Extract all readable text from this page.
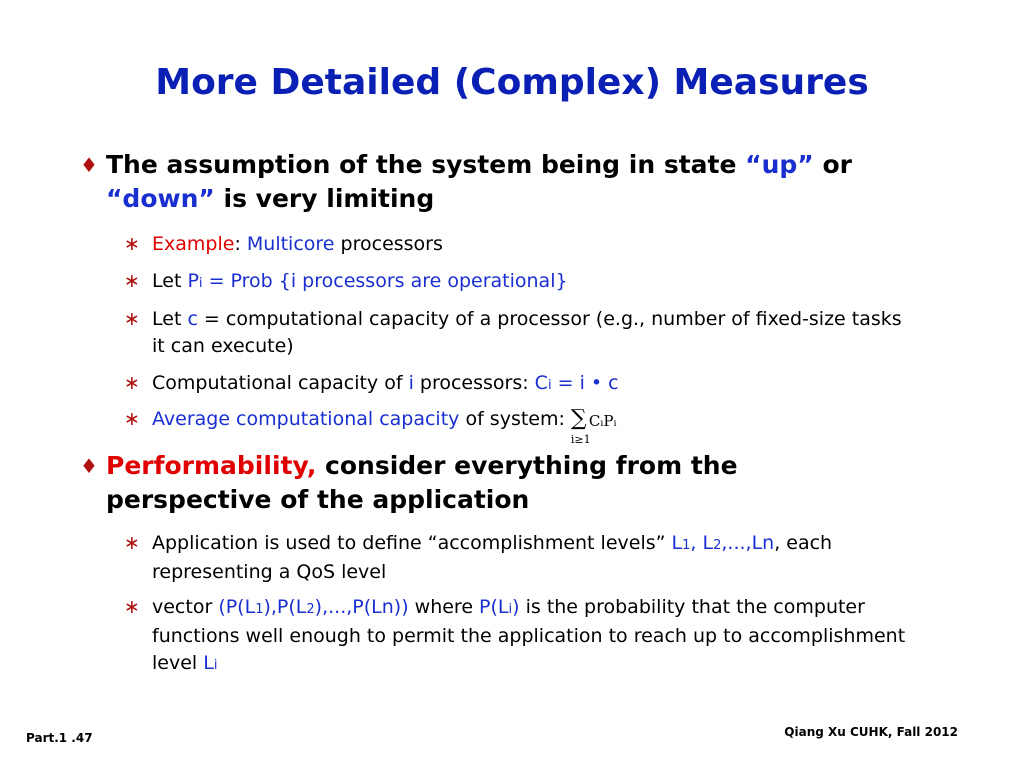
More Detailed (Complex) Measures
♦ The assumption of the system being in state “up” or “down” is very limiting
∗ Example: Multicore processors
∗ Let Pi = Prob {i processors are operational}
∗ Let c = computational capacity of a processor (e.g., number of fixed-size tasks it can execute)
∗ Computational capacity of i processors: Ci = i • c
∗ Average computational capacity of system: ∑ CᵢPᵢ
i≥1
♦ Performability, consider everything from the perspective of the application
∗ Application is used to define “accomplishment levels” L1, L2,...,Ln, each representing a QoS level
∗ vector (P(L1),P(L2),...,P(Ln)) where P(Li) is the probability that the computer functions well enough to permit the application to reach up to accomplishment level Li
Part.1 .47	Qiang Xu CUHK, Fall 2012
